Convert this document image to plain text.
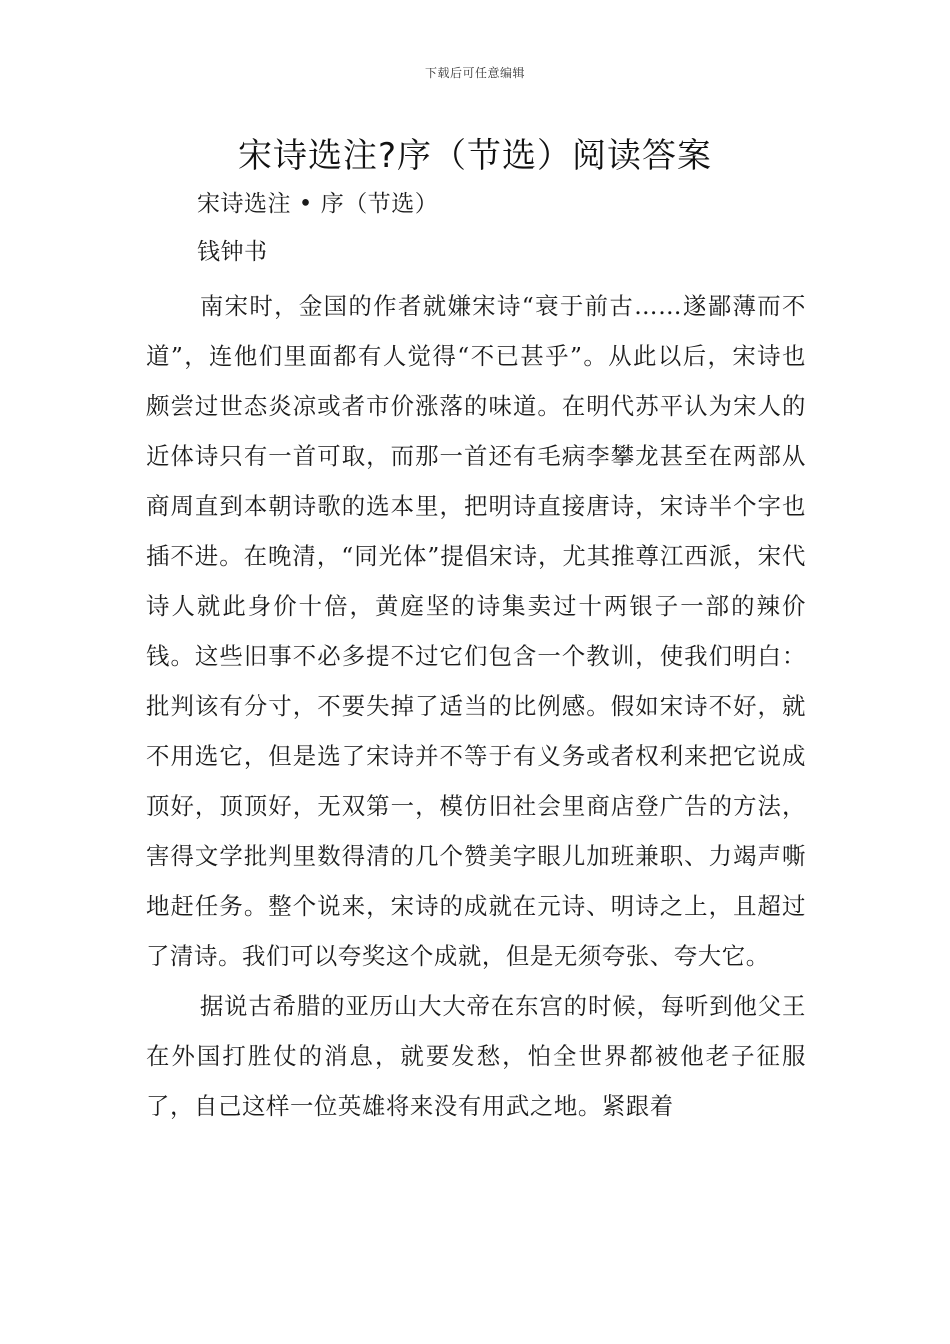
下载后可任意编辑
宋诗选注?序（节选）阅读答案
宋诗选注 • 序（节选）
钱钟书

南宋时，金国的作者就嫌宋诗“衰于前古……遂鄙薄而不道”，连他们里面都有人觉得“不已甚乎”。从此以后，宋诗也颇尝过世态炎凉或者市价涨落的味道。在明代苏平认为宋人的近体诗只有一首可取，而那一首还有毛病李攀龙甚至在两部从商周直到本朝诗歌的选本里，把明诗直接唐诗，宋诗半个字也插不进。在晚清，“同光体”提倡宋诗，尤其推尊江西派，宋代诗人就此身价十倍，黄庭坚的诗集卖过十两银子一部的辣价钱。这些旧事不必多提不过它们包含一个教训，使我们明白：批判该有分寸，不要失掉了适当的比例感。假如宋诗不好，就不用选它，但是选了宋诗并不等于有义务或者权利来把它说成顶好，顶顶好，无双第一，模仿旧社会里商店登广告的方法，害得文学批判里数得清的几个赞美字眼儿加班兼职、力竭声嘶地赶任务。整个说来，宋诗的成就在元诗、明诗之上，且超过了清诗。我们可以夸奖这个成就，但是无须夸张、夸大它。

据说古希腊的亚历山大大帝在东宫的时候，每听到他父王在外国打胜仗的消息，就要发愁，怕全世界都被他老子征服了，自己这样一位英雄将来没有用武之地。紧跟着
